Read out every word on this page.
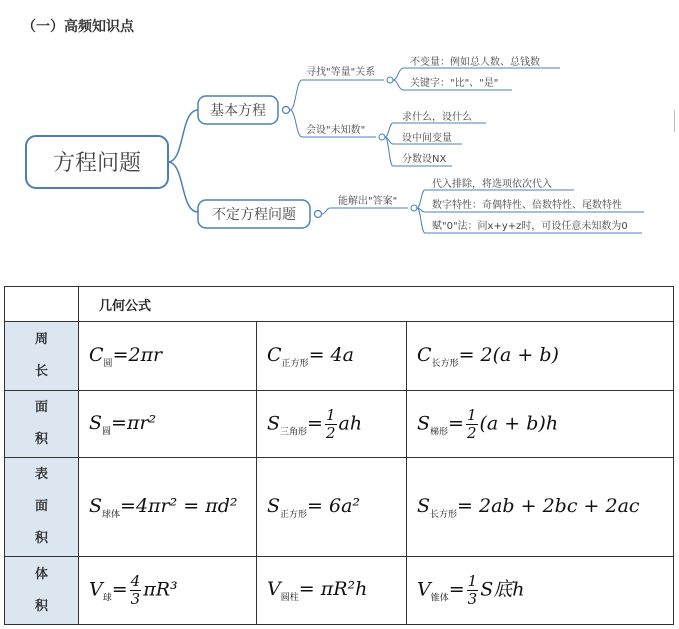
（一）高频知识点
方程问题
基本方程
不定方程问题
寻找"等量"关系
不变量：例如总人数、总钱数
关键字："比"、"是"
会设"未知数"
求什么，设什么
设中间变量
分数设NX
能解出"答案"
代入排除，将选项依次代入
数字特性：奇偶特性、倍数特性、尾数特性
赋"0"法：问x+y+z时，可设任意未知数为0
	几何公式		
周
长	$C_圆=2\pi r$	$C_{正方形}= 4a$	$C_{长方形}= 2(a + b)$
面
积	$S_圆=\pi r^2$	$S_{三角形}= \frac{1}{2}$ ah	$S_{梯形}= \frac{1}{2} (a + b)h$
表
面
积	$S_{球体}=4\pi r^2 = \pi d^2$	$S_{正方形}= 6a^2$	$S_{长方形}= 2ab + 2bc + 2ac$
体
积	$V_球= \frac{4}{3} \pi R^3$	$V_{圆柱}= \pi R^2h$	$V_{锥体}= \frac{1}{3}$ S底h
